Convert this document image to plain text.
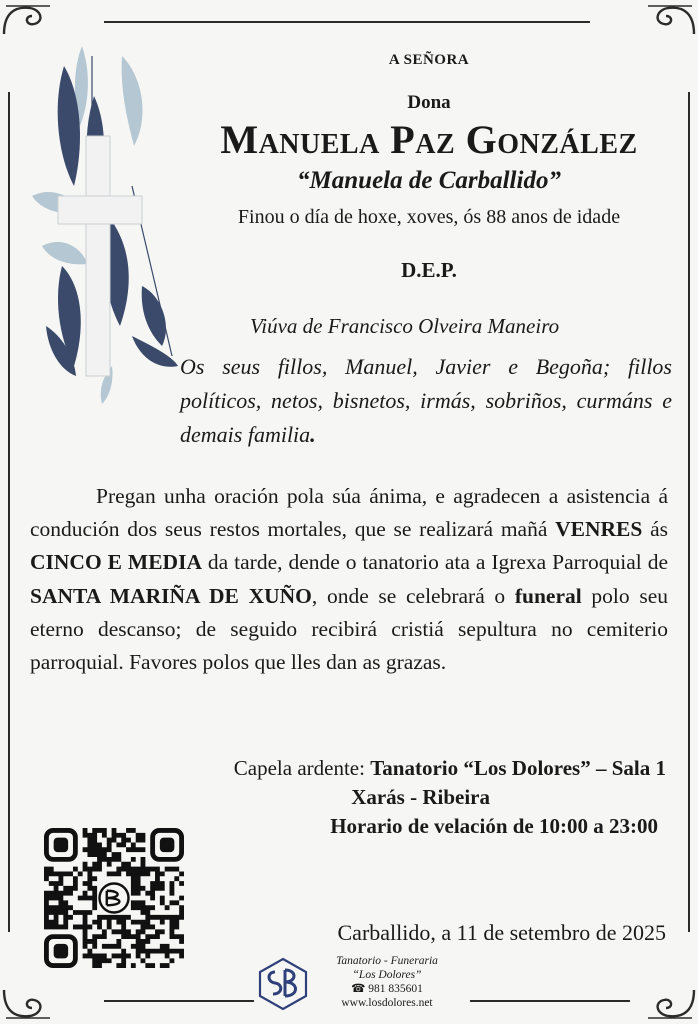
A SEÑORA
Dona
Manuela Paz González
“Manuela de Carballido”
Finou o día de hoxe, xoves, ós 88 anos de idade
D.E.P.
Viúva de Francisco Olveira Maneiro
Os seus fillos, Manuel, Javier e Begoña; fillos políticos, netos, bisnetos, irmás, sobriños, curmáns e demais familia.
Pregan unha oración pola súa ánima, e agradecen a asistencia á condución dos seus restos mortales, que se realizará mañá VENRES ás CINCO E MEDIA da tarde, dende o tanatorio ata a Igrexa Parroquial de SANTA MARIÑA DE XUÑO, onde se celebrará o funeral polo seu eterno descanso; de seguido recibirá cristiá sepultura no cemiterio parroquial. Favores polos que lles dan as grazas.
Capela ardente: Tanatorio “Los Dolores” – Sala 1
Xarás - Ribeira
Horario de velación de 10:00 a 23:00
Carballido, a 11 de setembro de 2025
Tanatorio - Funeraria
“Los Dolores”
☎ 981 835601
www.losdolores.net
